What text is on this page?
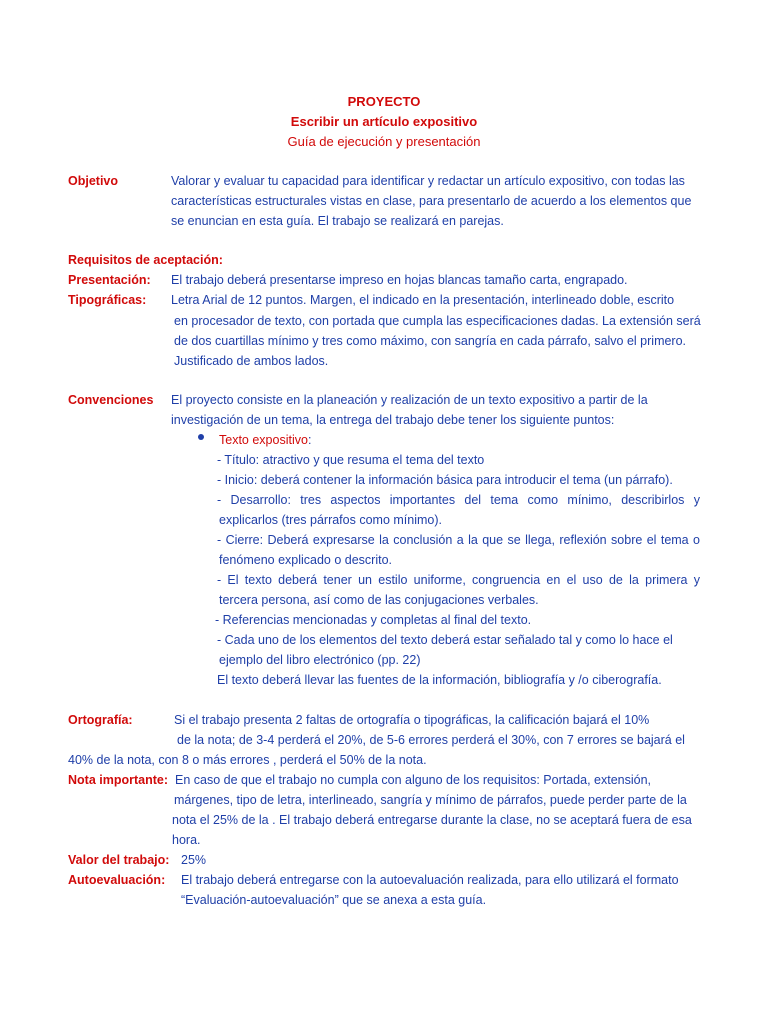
PROYECTO
Escribir un artículo expositivo
Guía de ejecución y presentación
Objetivo	Valorar y evaluar tu capacidad para identificar y redactar un artículo expositivo, con todas las
características estructurales vistas en clase, para presentarlo de acuerdo a los elementos que
se enuncian en esta guía. El trabajo se realizará en parejas.
Requisitos de aceptación:
Presentación: El trabajo deberá presentarse impreso en hojas blancas tamaño carta, engrapado.
Tipográficas: Letra Arial de 12 puntos. Margen, el indicado en la presentación, interlineado doble, escrito
en procesador de texto, con portada que cumpla las especificaciones dadas. La extensión será
de dos cuartillas mínimo y tres como máximo, con sangría en cada párrafo, salvo el primero.
Justificado de ambos lados.
Convenciones El proyecto consiste en la planeación y realización de un texto expositivo a partir de la
investigación de un tema, la entrega del trabajo debe tener los siguiente puntos:
Texto expositivo:
- Título: atractivo y que resuma el tema del texto
- Inicio: deberá contener la información básica para introducir el tema (un párrafo).
- Desarrollo: tres aspectos importantes del tema como mínimo, describirlos y
explicarlos (tres párrafos como mínimo).
- Cierre: Deberá expresarse la conclusión a la que se llega, reflexión sobre el tema o
fenómeno explicado o descrito.
- El texto deberá tener un estilo uniforme, congruencia en el uso de la primera y
tercera persona, así como de las conjugaciones verbales.
- Referencias mencionadas y completas al final del texto.
- Cada uno de los elementos del texto deberá estar señalado tal y como lo hace el
ejemplo del libro electrónico (pp. 22)
El texto deberá llevar las fuentes de la información, bibliografía y /o ciberografía.
Ortografía:	Si el trabajo presenta 2 faltas de ortografía o tipográficas, la calificación bajará el 10%
de la nota; de 3-4 perderá el 20%, de 5-6 errores perderá el 30%, con 7 errores se bajará el
40% de la nota, con 8 o más errores , perderá el 50% de la nota.
Nota importante: En caso de que el trabajo no cumpla con alguno de los requisitos: Portada, extensión,
márgenes, tipo de letra, interlineado, sangría y mínimo de párrafos, puede perder parte de la
nota el 25% de la . El trabajo deberá entregarse durante la clase, no se aceptará fuera de esa
hora.
Valor del trabajo: 25%
Autoevaluación: El trabajo deberá entregarse con la autoevaluación realizada, para ello utilizará el formato
“Evaluación-autoevaluación” que se anexa a esta guía.
